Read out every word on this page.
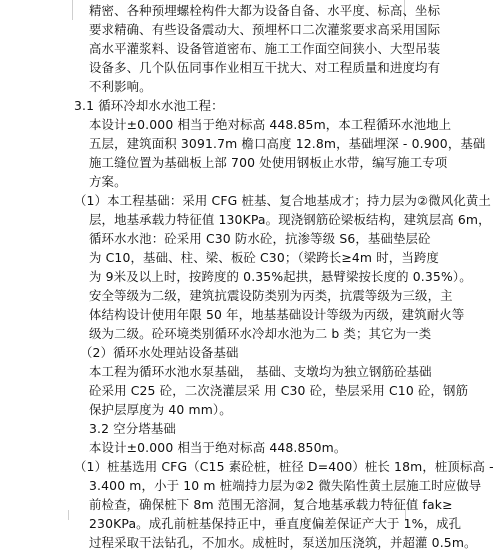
精密、各种预埋螺栓构件大都为设备自备、水平度、标高、坐标
要求精确、有些设备震动大、预埋杯口二次灌浆要求高采用国际
高水平灌浆料、设备管道密布、施工工作面空间狭小、大型吊装
设备多、几个队伍同事作业相互干扰大、对工程质量和进度均有
不利影响。
3.1 循环冷却水水池工程：
本设计±0.000 相当于绝对标高 448.85m，本工程循环水池地上
五层，建筑面积 3091.7m 檐口高度 12.8m，基础埋深 - 0.900，基础
施工缝位置为基础板上部 700 处使用钢板止水带，编写施工专项
方案。
（1）本工程基础：采用 CFG 桩基、复合地基成才；持力层为②微风化黄土
层，地基承载力特征值 130KPa。现浇钢筋砼梁板结构，建筑层高 6m，
循环水水池：砼采用 C30 防水砼，抗渗等级 S6，基础垫层砼
为 C10，基础、柱、梁、板砼 C30；（梁跨长≥4m 时，当跨度
为 9米及以上时，按跨度的 0.35%起拱，悬臂梁按长度的 0.35%）。
安全等级为二级，建筑抗震设防类别为丙类，抗震等级为三级，主
体结构设计使用年限 50 年，地基基础设计等级为丙级，建筑耐火等
级为二级。砼环境类别循环水冷却水池为二 b 类；其它为一类
（2）循环水处理站设备基础
本工程为循环水池水泵基础， 基础、支墩均为独立钢筋砼基础
砼采用 C25 砼，二次浇灌层采 用 C30 砼，垫层采用 C10 砼，钢筋
保护层厚度为 40 mm）。
3.2 空分塔基础
本设计±0.000 相当于绝对标高 448.850m。
（1）桩基选用 CFG（C15 素砼桩，桩径 D=400）桩长 18m，桩顶标高 -
3.400 m，小于 10 m 桩端持力层为②2 微失陷性黄土层施工时应做导
前检查，确保桩下 8m 范围无溶洞，复合地基承载力特征值 fak≥
230KPa。成孔前桩基保持正中，垂直度偏差保证产大于 1%，成孔
过程采取干法钻孔，不加水。成桩时，泵送加压浇筑，并超灌 0.5m。
